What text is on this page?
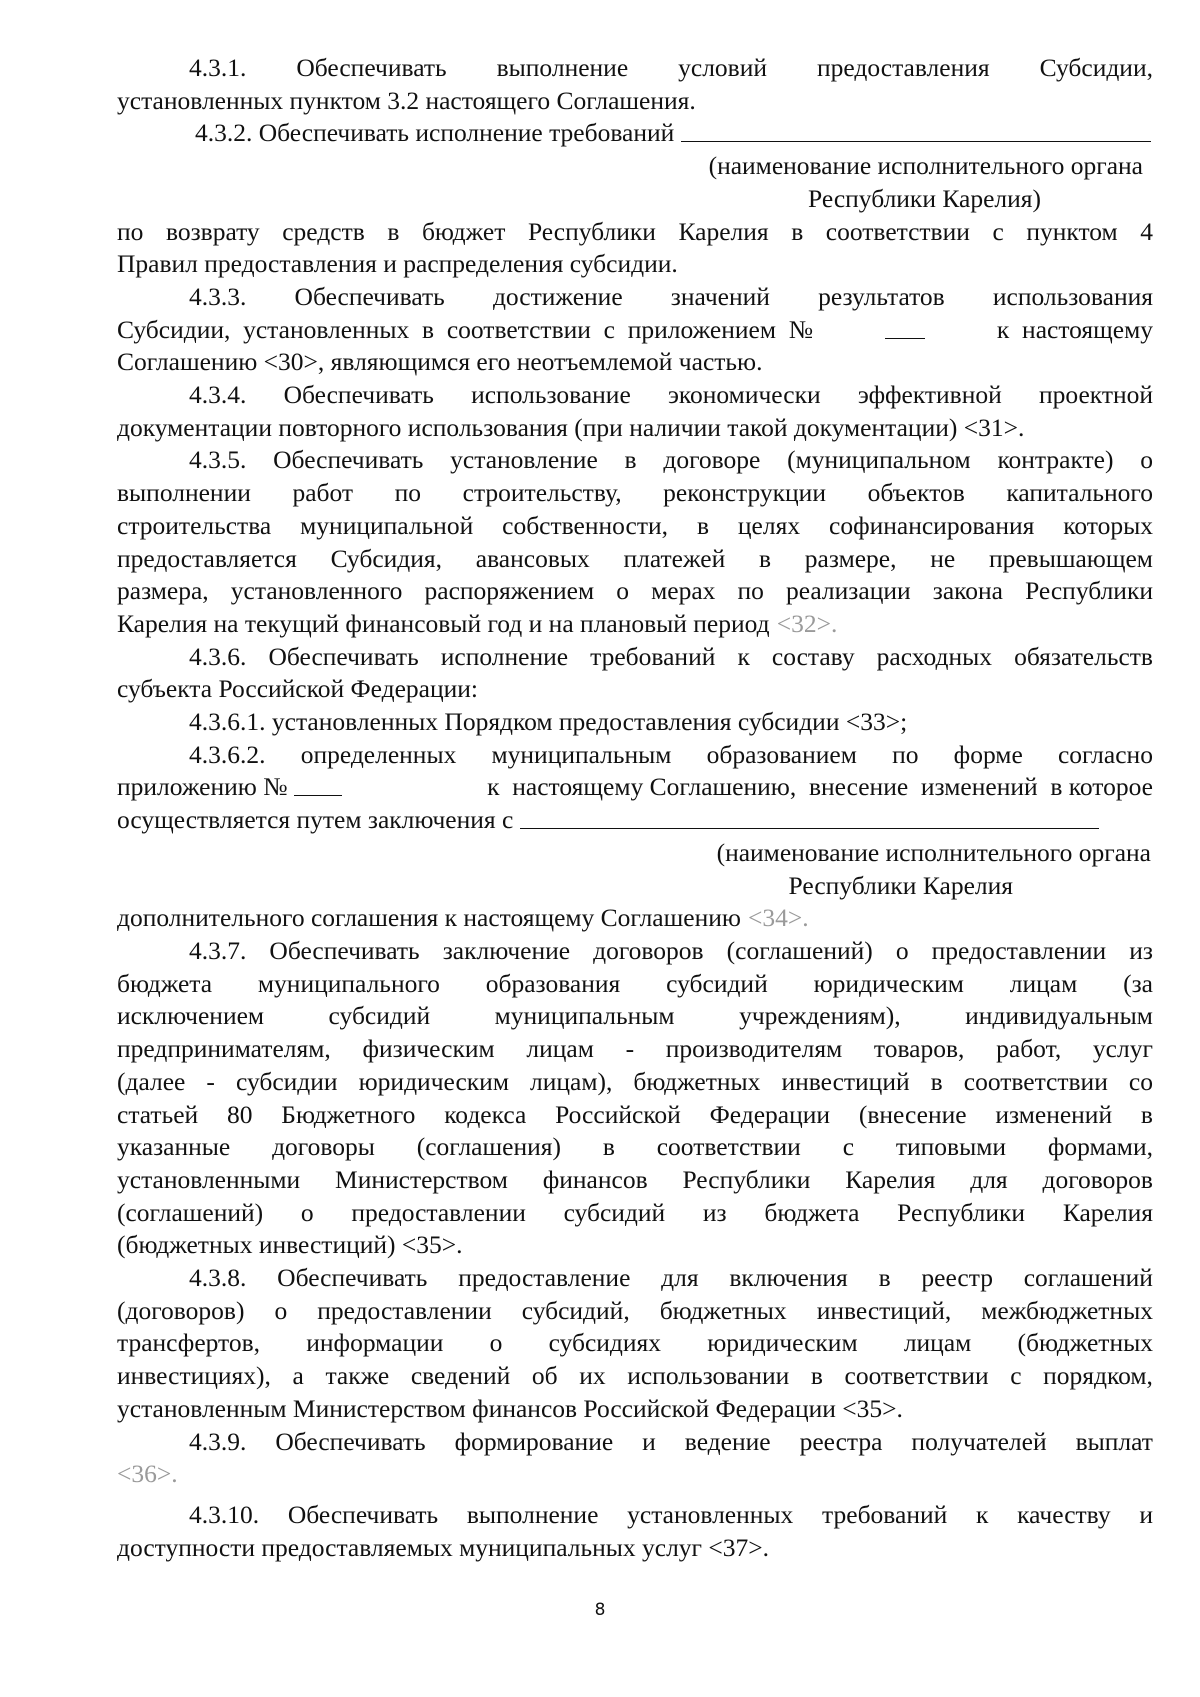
4.3.1. Обеспечивать выполнение условий предоставления Субсидии,
установленных пунктом 3.2 настоящего Соглашения.
4.3.2. Обеспечивать исполнение требований
(наименование исполнительного органа
Республики Карелия)
по возврату средств в бюджет Республики Карелия в соответствии с пунктом 4
Правил предоставления и распределения субсидии.
4.3.3. Обеспечивать достижение значений результатов использования
Субсидии,  установленных  в  соответствии  с  приложением  №	к  настоящему
Соглашению <30>, являющимся его неотъемлемой частью.
4.3.4. Обеспечивать использование экономически эффективной проектной
документации повторного использования (при наличии такой документации) <31>.
4.3.5. Обеспечивать установление в договоре (муниципальном контракте) о
выполнении работ по строительству, реконструкции объектов капитального
строительства муниципальной собственности, в целях софинансирования которых
предоставляется Субсидия, авансовых платежей в размере, не превышающем
размера, установленного распоряжением о мерах по реализации закона Республики
Карелия на текущий финансовый год и на плановый период <32>.
4.3.6. Обеспечивать исполнение требований к составу расходных обязательств
субъекта Российской Федерации:
4.3.6.1. установленных Порядком предоставления субсидии <33>;
4.3.6.2. определенных муниципальным образованием по форме согласно
приложению №	к  настоящему Соглашению,  внесение  изменений  в которое
осуществляется путем заключения с
(наименование исполнительного органа
Республики Карелия
дополнительного соглашения к настоящему Соглашению <34>.
4.3.7. Обеспечивать заключение договоров (соглашений) о предоставлении из
бюджета муниципального образования субсидий юридическим лицам (за
исключением	субсидий	муниципальным	учреждениям),	индивидуальным
предпринимателям, физическим лицам - производителям товаров, работ, услуг
(далее - субсидии юридическим лицам), бюджетных инвестиций в соответствии со
статьей 80 Бюджетного кодекса Российской Федерации (внесение изменений в
указанные договоры (соглашения) в соответствии с типовыми формами,
установленными Министерством финансов Республики Карелия для договоров
(соглашений) о предоставлении субсидий из бюджета Республики Карелия
(бюджетных инвестиций) <35>.
4.3.8. Обеспечивать предоставление для включения в реестр соглашений
(договоров) о предоставлении субсидий, бюджетных инвестиций, межбюджетных
трансфертов, информации о субсидиях юридическим лицам (бюджетных
инвестициях), а также сведений об их использовании в соответствии с порядком,
установленным Министерством финансов Российской Федерации <35>.
4.3.9. Обеспечивать формирование и ведение реестра получателей выплат
<36>.
4.3.10. Обеспечивать выполнение установленных требований к качеству и
доступности предоставляемых муниципальных услуг <37>.
8
